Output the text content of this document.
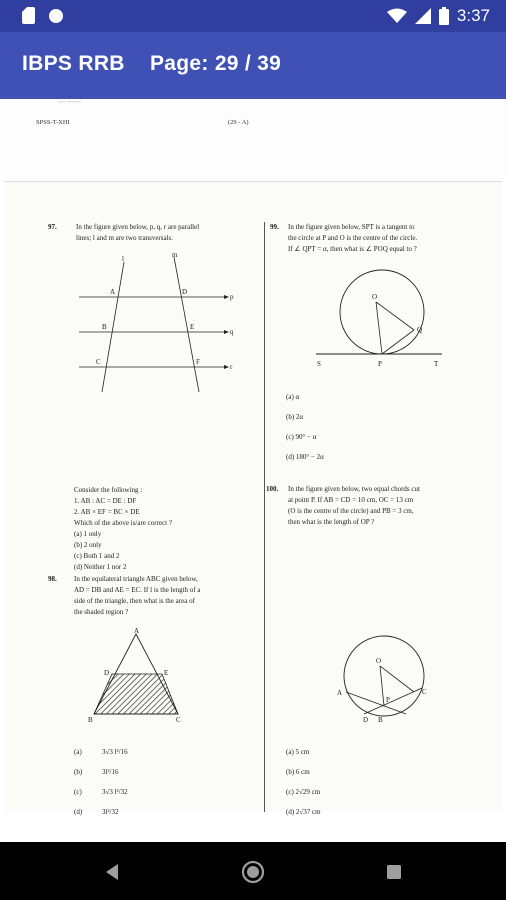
3:37
IBPS RRB Page: 29 / 39
~~ ~~~~
SPSS-T-XHI	(29 - A)
97.	In the figure given below, p, q, r are parallel

lines; l and m are two transversals.
A	D
p
B	E
q
C	F
r
l	m
Consider the following :
1. AB : AC = DE : DF
2. AB × EF = BC × DE
Which of the above is/are correct ?
(a) 1 only
(b) 2 only
(c) Both 1 and 2
(d) Neither 1 nor 2
98. In the equilateral triangle ABC given below,
AD = DB and AE = EC. If l is the length of a
side of the triangle, then what is the area of
the shaded region ?
A
D	E
B	C
(a)	3√3 l²/16
(b)	3l²/16
(c)	3√3 l²/32
(d)	3l²/32
99. In the figure given below, SPT is a tangent to
the circle at P and O is the centre of the circle.
If ∠ QPT = α, then what is ∠ POQ equal to ?
O
Q
S	P	T
(a) α
(b) 2α
(c) 90° − α
(d) 180° − 2α
100. In the figure given below, two equal chords cut
at point P. If AB = CD = 10 cm, OC = 13 cm
(O is the centre of the circle) and PB = 3 cm,
then what is the length of OP ?
O
P
A
D B
C
(a) 5 cm
(b) 6 cm
(c) 2√29 cm
(d) 2√37 cm
